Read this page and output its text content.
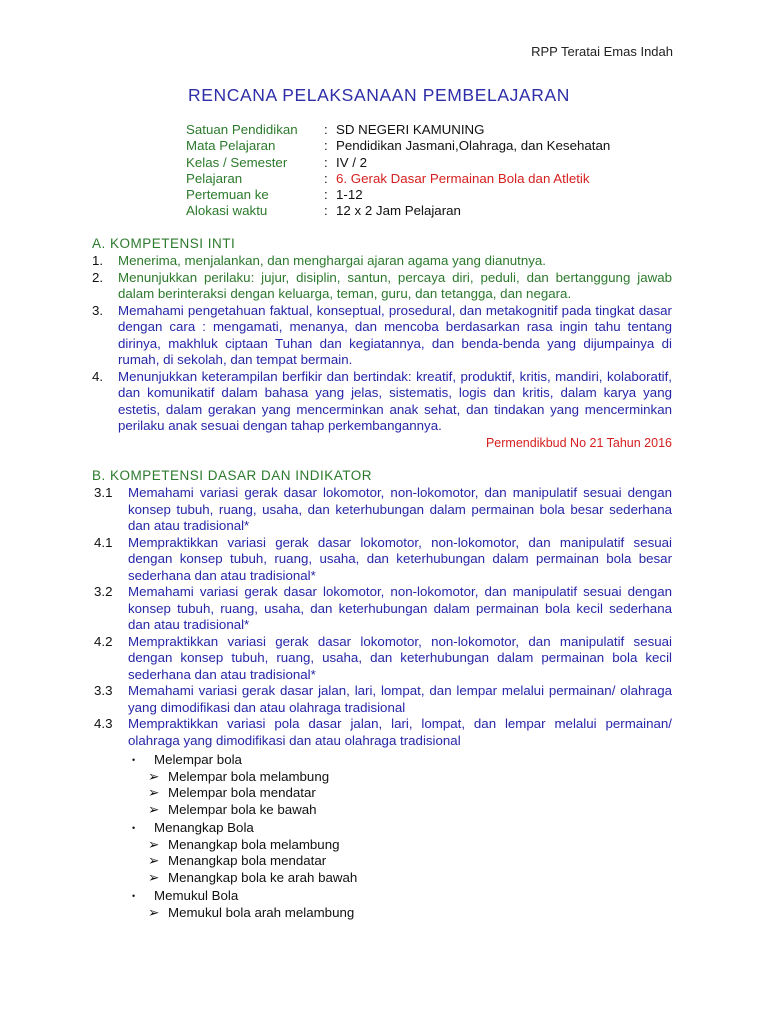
RPP Teratai Emas Indah
RENCANA PELAKSANAAN PEMBELAJARAN
Satuan Pendidikan	: SD NEGERI KAMUNING
Mata Pelajaran	: Pendidikan Jasmani,Olahraga, dan Kesehatan
Kelas / Semester	: IV / 2
Pelajaran	: 6. Gerak Dasar Permainan Bola dan Atletik
Pertemuan ke	: 1-12
Alokasi waktu	: 12 x 2 Jam Pelajaran
A. KOMPETENSI INTI
1.	Menerima, menjalankan, dan menghargai ajaran agama yang dianutnya.
2.	Menunjukkan perilaku: jujur, disiplin, santun, percaya diri, peduli, dan bertanggung jawab dalam berinteraksi dengan keluarga, teman, guru, dan tetangga, dan negara.
3.	Memahami pengetahuan faktual, konseptual, prosedural, dan metakognitif pada tingkat dasar dengan cara : mengamati, menanya, dan mencoba berdasarkan rasa ingin tahu tentang dirinya, makhluk ciptaan Tuhan dan kegiatannya, dan benda-benda yang dijumpainya di rumah, di sekolah, dan tempat bermain.
4.	Menunjukkan keterampilan berfikir dan bertindak: kreatif, produktif, kritis, mandiri, kolaboratif, dan komunikatif dalam bahasa yang jelas, sistematis, logis dan kritis, dalam karya yang estetis, dalam gerakan yang mencerminkan anak sehat, dan tindakan yang mencerminkan perilaku anak sesuai dengan tahap perkembangannya.
Permendikbud No 21 Tahun 2016
B. KOMPETENSI DASAR DAN INDIKATOR
3.1	Memahami variasi gerak dasar lokomotor, non-lokomotor, dan manipulatif sesuai dengan konsep tubuh, ruang, usaha, dan keterhubungan dalam permainan bola besar sederhana dan atau tradisional*
4.1	Mempraktikkan variasi gerak dasar lokomotor, non-lokomotor, dan manipulatif sesuai dengan konsep tubuh, ruang, usaha, dan keterhubungan dalam permainan bola besar sederhana dan atau tradisional*
3.2	Memahami variasi gerak dasar lokomotor, non-lokomotor, dan manipulatif sesuai dengan konsep tubuh, ruang, usaha, dan keterhubungan dalam permainan bola kecil sederhana dan atau tradisional*
4.2	Mempraktikkan variasi gerak dasar lokomotor, non-lokomotor, dan manipulatif sesuai dengan konsep tubuh, ruang, usaha, dan keterhubungan dalam permainan bola kecil sederhana dan atau tradisional*
3.3	Memahami variasi gerak dasar jalan, lari, lompat, dan lempar melalui permainan/ olahraga yang dimodifikasi dan atau olahraga tradisional
4.3	Mempraktikkan variasi pola dasar jalan, lari, lompat, dan lempar melalui permainan/ olahraga yang dimodifikasi dan atau olahraga tradisional
•	Melempar bola
➢ Melempar bola melambung
➢ Melempar bola mendatar
➢ Melempar bola ke bawah
•	Menangkap Bola
➢ Menangkap bola melambung
➢ Menangkap bola mendatar
➢ Menangkap bola ke arah bawah
•	Memukul Bola
➢ Memukul bola arah melambung
